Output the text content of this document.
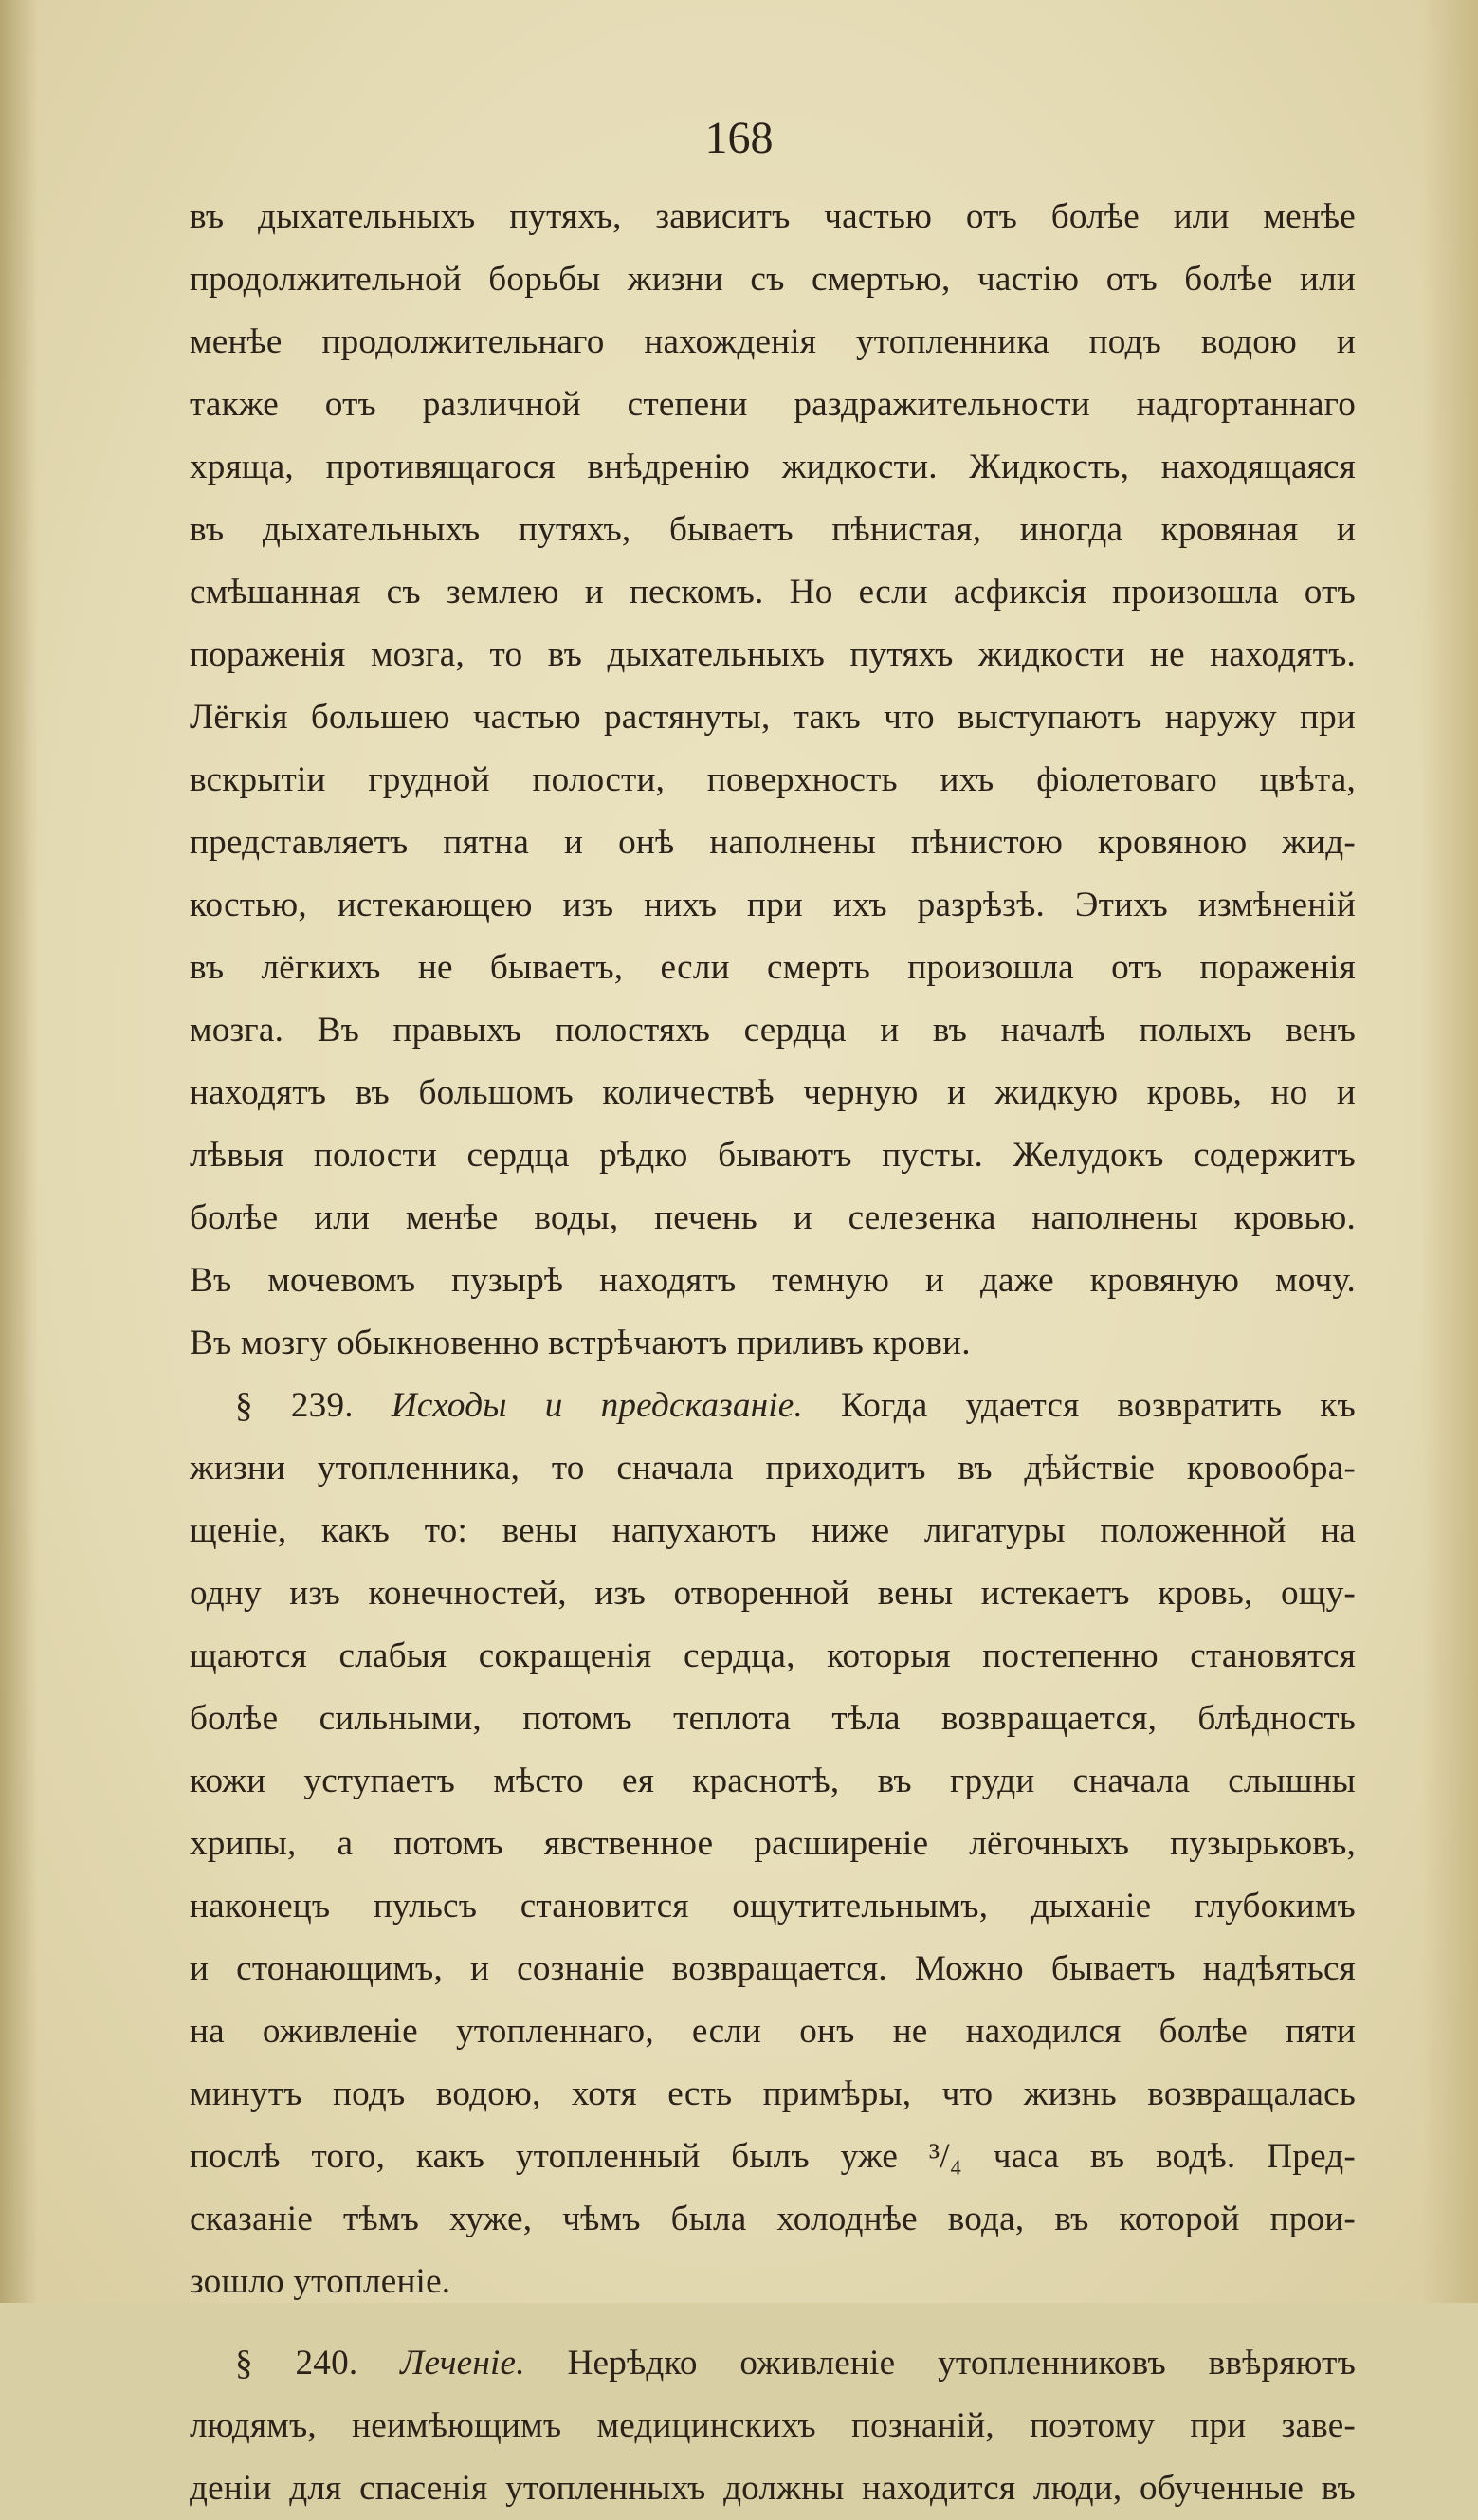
168
въ дыхательныхъ путяхъ, зависитъ частью отъ болѣе или менѣе
продолжительной борьбы жизни съ смертью, частію отъ болѣе или
менѣе продолжительнаго нахожденія утопленника подъ водою и
также отъ различной степени раздражительности надгортаннаго
хряща, противящагося внѣдренію жидкости. Жидкость, находящаяся
въ дыхательныхъ путяхъ, бываетъ пѣнистая, иногда кровяная и
смѣшанная съ землею и пескомъ. Но если асфиксія произошла отъ
пораженія мозга, то въ дыхательныхъ путяхъ жидкости не находятъ.
Лёгкія большею частью растянуты, такъ что выступаютъ наружу при
вскрытіи грудной полости, поверхность ихъ фіолетоваго цвѣта,
представляетъ пятна и онѣ наполнены пѣнистою кровяною жид-
костью, истекающею изъ нихъ при ихъ разрѣзѣ. Этихъ измѣненій
въ лёгкихъ не бываетъ, если смерть произошла отъ пораженія
мозга. Въ правыхъ полостяхъ сердца и въ началѣ полыхъ венъ
находятъ въ большомъ количествѣ черную и жидкую кровь, но и
лѣвыя полости сердца рѣдко бываютъ пусты. Желудокъ содержитъ
болѣе или менѣе воды, печень и селезенка наполнены кровью.
Въ мочевомъ пузырѣ находятъ темную и даже кровяную мочу.
Въ мозгу обыкновенно встрѣчаютъ приливъ крови.
§ 239. Исходы и предсказаніе. Когда удается возвратить къ
жизни утопленника, то сначала приходитъ въ дѣйствіе кровообра-
щеніе, какъ то: вены напухаютъ ниже лигатуры положенной на
одну изъ конечностей, изъ отворенной вены истекаетъ кровь, ощу-
щаются слабыя сокращенія сердца, которыя постепенно становятся
болѣе сильными, потомъ теплота тѣла возвращается, блѣдность
кожи уступаетъ мѣсто ея краснотѣ, въ груди сначала слышны
хрипы, а потомъ явственное расширеніе лёгочныхъ пузырьковъ,
наконецъ пульсъ становится ощутительнымъ, дыханіе глубокимъ
и стонающимъ, и сознаніе возвращается. Можно бываетъ надѣяться
на оживленіе утопленнаго, если онъ не находился болѣе пяти
минутъ подъ водою, хотя есть примѣры, что жизнь возвращалась
послѣ того, какъ утопленный былъ уже ³/₄ часа въ водѣ. Пред-
сказаніе тѣмъ хуже, чѣмъ была холоднѣе вода, въ которой прои-
зошло утопленіе.
§ 240. Леченіе. Нерѣдко оживленіе утопленниковъ ввѣряютъ
людямъ, неимѣющимъ медицинскихъ познаній, поэтому при заве-
деніи для спасенія утопленныхъ должны находится люди, обученные въ
